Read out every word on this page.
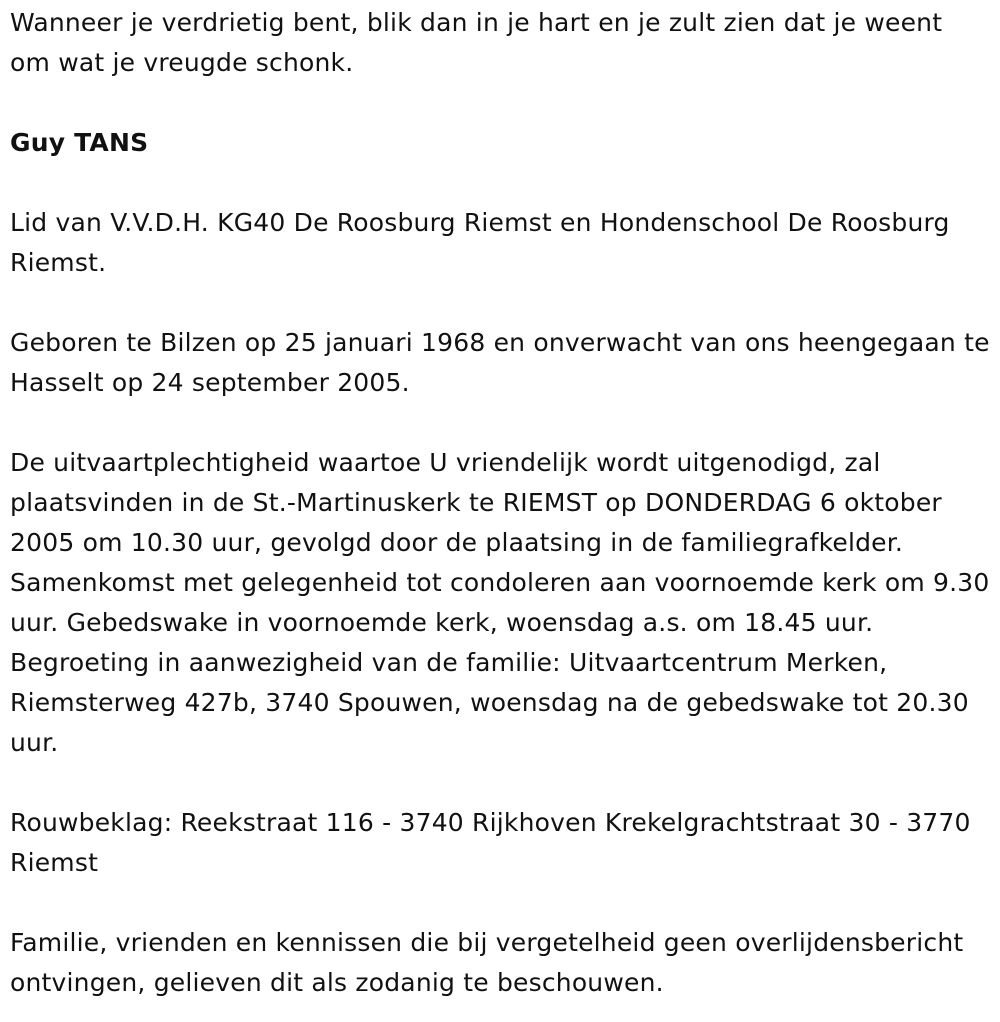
Wanneer je verdrietig bent, blik dan in je hart en je zult zien dat je weent om wat je vreugde schonk.

Guy TANS

Lid van V.V.D.H. KG40 De Roosburg Riemst en Hondenschool De Roosburg Riemst.

Geboren te Bilzen op 25 januari 1968 en onverwacht van ons heengegaan te Hasselt op 24 september 2005.

De uitvaartplechtigheid waartoe U vriendelijk wordt uitgenodigd, zal plaatsvinden in de St.-Martinuskerk te RIEMST op DONDERDAG 6 oktober 2005 om 10.30 uur, gevolgd door de plaatsing in de familiegrafkelder. Samenkomst met gelegenheid tot condoleren aan voornoemde kerk om 9.30 uur. Gebedswake in voornoemde kerk, woensdag a.s. om 18.45 uur. Begroeting in aanwezigheid van de familie: Uitvaartcentrum Merken, Riemsterweg 427b, 3740 Spouwen, woensdag na de gebedswake tot 20.30 uur.

Rouwbeklag: Reekstraat 116 - 3740 Rijkhoven Krekelgrachtstraat 30 - 3770 Riemst

Familie, vrienden en kennissen die bij vergetelheid geen overlijdensbericht ontvingen, gelieven dit als zodanig te beschouwen.
